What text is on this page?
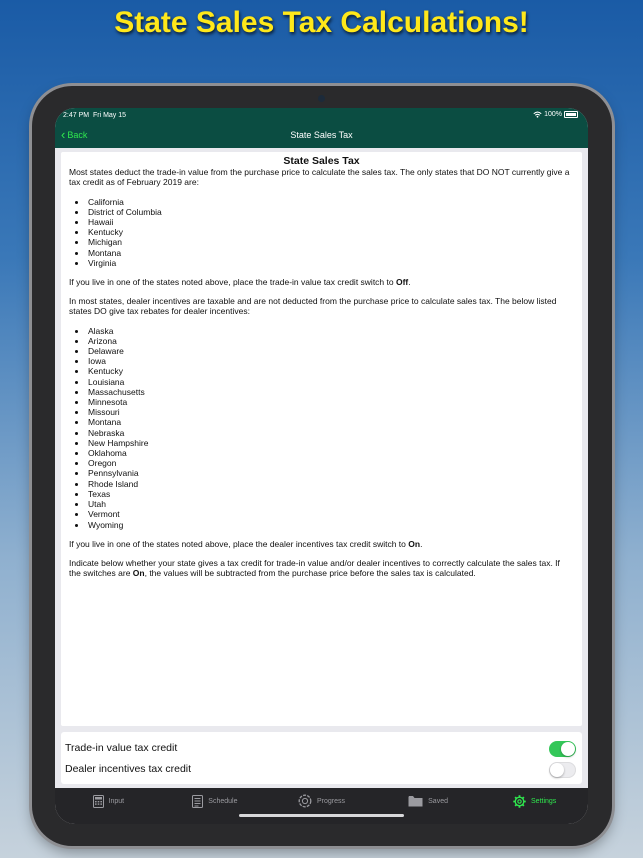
State Sales Tax Calculations!
2:47 PM Fri May 15	100%
‹ Back	State Sales Tax
State Sales Tax

Most states deduct the trade-in value from the purchase price to calculate the sales tax. The only states that DO NOT currently give a tax credit as of February 2019 are:

• California
• District of Columbia
• Hawaii
• Kentucky
• Michigan
• Montana
• Virginia

If you live in one of the states noted above, place the trade-in value tax credit switch to Off.

In most states, dealer incentives are taxable and are not deducted from the purchase price to calculate sales tax. The below listed states DO give tax rebates for dealer incentives:

• Alaska
• Arizona
• Delaware
• Iowa
• Kentucky
• Louisiana
• Massachusetts
• Minnesota
• Missouri
• Montana
• Nebraska
• New Hampshire
• Oklahoma
• Oregon
• Pennsylvania
• Rhode Island
• Texas
• Utah
• Vermont
• Wyoming

If you live in one of the states noted above, place the dealer incentives tax credit switch to On.

Indicate below whether your state gives a tax credit for trade-in value and/or dealer incentives to correctly calculate the sales tax. If the switches are On, the values will be subtracted from the purchase price before the sales tax is calculated.

Trade-in value tax credit
Dealer incentives tax credit
Input	Schedule	Progress	Saved	Settings
